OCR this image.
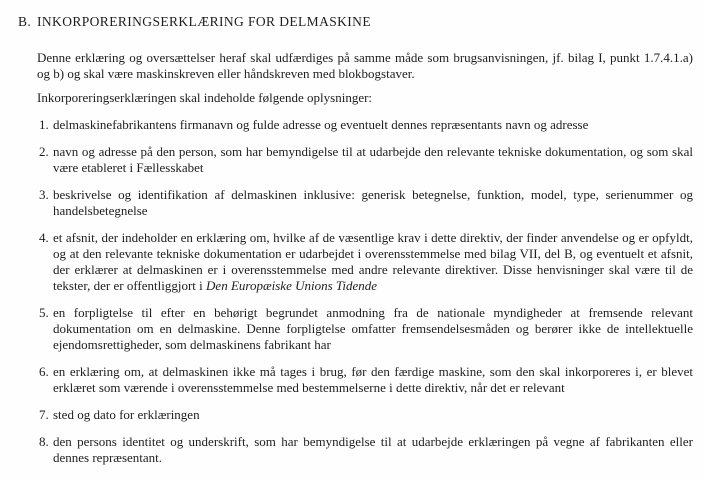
B. INKORPORERINGSERKLÆRING FOR DELMASKINE

Denne erklæring og oversættelser heraf skal udfærdiges på samme måde som brugsanvisningen, jf. bilag I, punkt 1.7.4.1.a) og b) og skal være maskinskreven eller håndskreven med blokbogstaver.

Inkorporeringserklæringen skal indeholde følgende oplysninger:

1. delmaskinefabrikantens firmanavn og fulde adresse og eventuelt dennes repræsentants navn og adresse
2. navn og adresse på den person, som har bemyndigelse til at udarbejde den relevante tekniske dokumentation, og som skal være etableret i Fællesskabet
3. beskrivelse og identifikation af delmaskinen inklusive: generisk betegnelse, funktion, model, type, serienummer og handelsbetegnelse
4. et afsnit, der indeholder en erklæring om, hvilke af de væsentlige krav i dette direktiv, der finder anvendelse og er opfyldt, og at den relevante tekniske dokumentation er udarbejdet i overensstemmelse med bilag VII, del B, og eventuelt et afsnit, der erklærer at delmaskinen er i overensstemmelse med andre relevante direktiver. Disse henvisninger skal være til de tekster, der er offentliggjort i Den Europæiske Unions Tidende
5. en forpligtelse til efter en behørigt begrundet anmodning fra de nationale myndigheder at fremsende relevant dokumentation om en delmaskine. Denne forpligtelse omfatter fremsendelsesmåden og berører ikke de intellektuelle ejendomsrettigheder, som delmaskinens fabrikant har
6. en erklæring om, at delmaskinen ikke må tages i brug, før den færdige maskine, som den skal inkorporeres i, er blevet erklæret som værende i overensstemmelse med bestemmelserne i dette direktiv, når det er relevant
7. sted og dato for erklæringen
8. den persons identitet og underskrift, som har bemyndigelse til at udarbejde erklæringen på vegne af fabrikanten eller dennes repræsentant.
